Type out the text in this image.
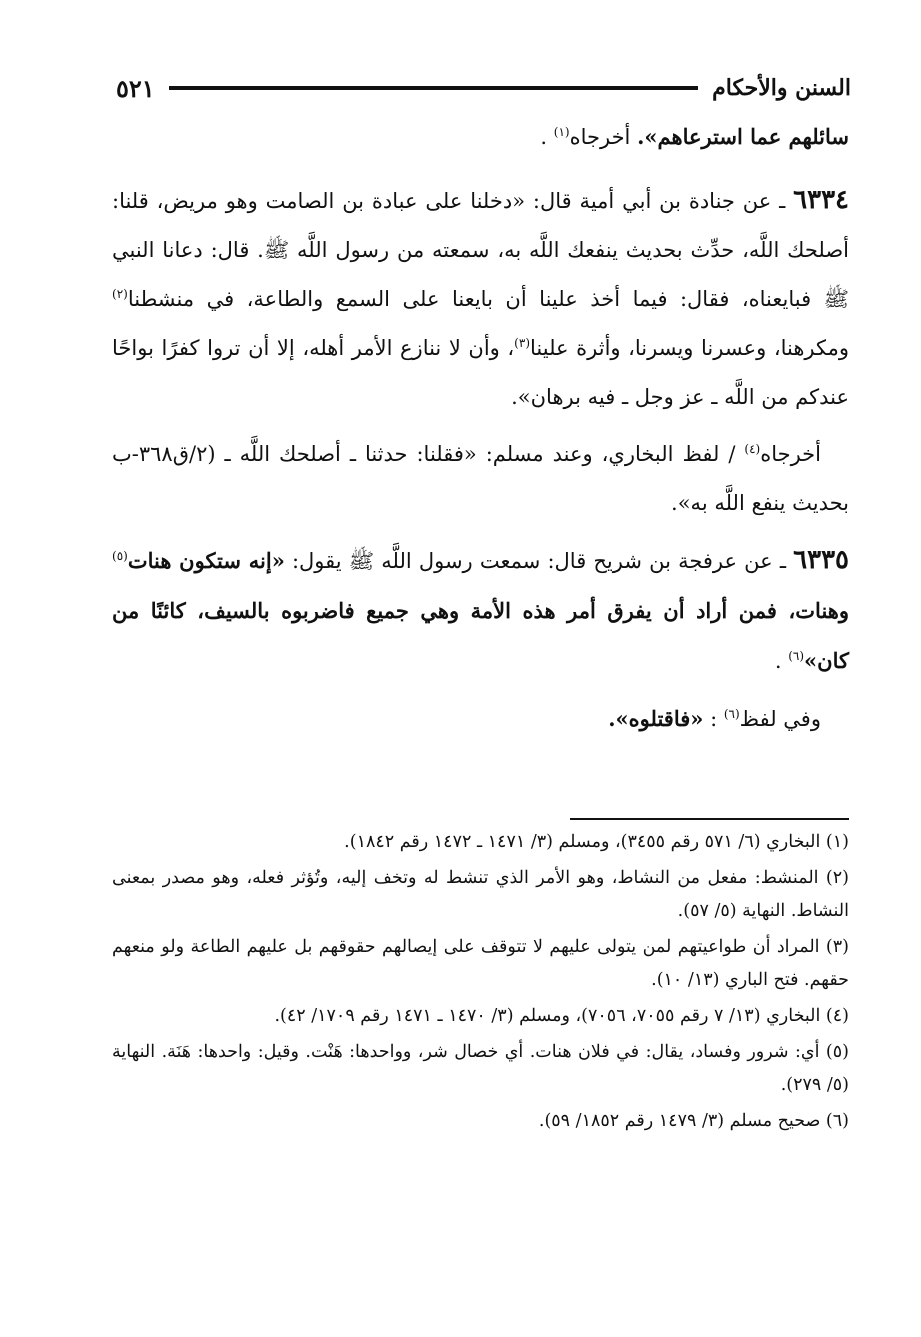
السنن والأحكام
٥٢١

سائلهم عما استرعاهم». أخرجاه$^{(١)}$ .

٦٣٣٤ ـ عن جنادة بن أبي أمية قال: «دخلنا على عبادة بن الصامت وهو مريض، قلنا: أصلحك اللَّه، حدِّث بحديث ينفعك اللَّه به، سمعته من رسول اللَّه ﷺ. قال: دعانا النبي ﷺ فبايعناه، فقال: فيما أخذ علينا أن بايعنا على السمع والطاعة، في منشطنا$^{(٢)}$ ومكرهنا، وعسرنا ويسرنا، وأثرة علينا$^{(٣)}$، وأن لا ننازع الأمر أهله، إلا أن تروا كفرًا بواحًا عندكم من اللَّه ـ عز وجل ـ فيه برهان».

أخرجاه$^{(٤)}$ / لفظ البخاري، وعند مسلم: «فقلنا: حدثنا ـ أصلحك اللَّه ـ (٢/ق٣٦٨-ب بحديث ينفع اللَّه به».

٦٣٣٥ ـ عن عرفجة بن شريح قال: سمعت رسول اللَّه ﷺ يقول: «إنه ستكون هنات$^{(٥)}$ وهنات، فمن أراد أن يفرق أمر هذه الأمة وهي جميع فاضربوه بالسيف، كائنًا من كان»$^{(٦)}$ .

وفي لفظ$^{(٦)}$ : «فاقتلوه».

(١) البخاري (٦/ ٥٧١ رقم ٣٤٥٥)، ومسلم (٣/ ١٤٧١ ـ ١٤٧٢ رقم ١٨٤٢).

(٢) المنشط: مفعل من النشاط، وهو الأمر الذي تنشط له وتخف إليه، وتُؤثر فعله، وهو مصدر بمعنى النشاط. النهاية (٥/ ٥٧).

(٣) المراد أن طواعيتهم لمن يتولى عليهم لا تتوقف على إيصالهم حقوقهم بل عليهم الطاعة ولو منعهم حقهم. فتح الباري (١٣/ ١٠).

(٤) البخاري (١٣/ ٧ رقم ٧٠٥٥، ٧٠٥٦)، ومسلم (٣/ ١٤٧٠ ـ ١٤٧١ رقم ١٧٠٩/ ٤٢).

(٥) أي: شرور وفساد، يقال: في فلان هنات. أي خصال شر، وواحدها: هَنْت. وقيل: واحدها: هَنَة. النهاية (٥/ ٢٧٩).

(٦) صحيح مسلم (٣/ ١٤٧٩ رقم ١٨٥٢/ ٥٩).
